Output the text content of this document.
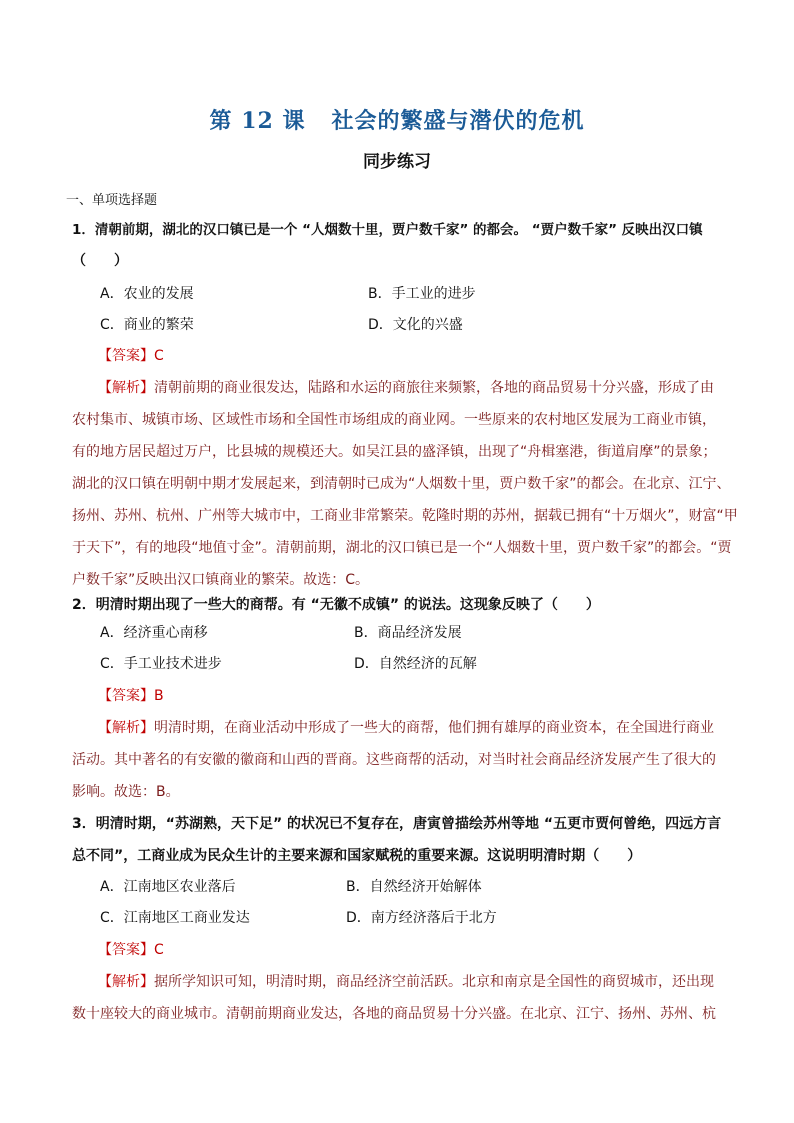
第 12 课   社会的繁盛与潜伏的危机
同步练习
一、单项选择题
1．清朝前期，湖北的汉口镇已是一个 “人烟数十里，贾户数千家” 的都会。 “贾户数千家” 反映出汉口镇
（　　）
A．农业的发展	B．手工业的进步
C．商业的繁荣	D．文化的兴盛
【答案】C
【解析】清朝前期的商业很发达，陆路和水运的商旅往来频繁，各地的商品贸易十分兴盛，形成了由
农村集市、城镇市场、区域性市场和全国性市场组成的商业网。一些原来的农村地区发展为工商业市镇，
有的地方居民超过万户，比县城的规模还大。如吴江县的盛泽镇，出现了“舟楫塞港，街道肩摩”的景象；
湖北的汉口镇在明朝中期才发展起来，到清朝时已成为“人烟数十里，贾户数千家”的都会。在北京、江宁、
扬州、苏州、杭州、广州等大城市中，工商业非常繁荣。乾隆时期的苏州，据载已拥有“十万烟火”，财富“甲
于天下”，有的地段“地值寸金”。清朝前期，湖北的汉口镇已是一个“人烟数十里，贾户数千家”的都会。“贾
户数千家”反映出汉口镇商业的繁荣。故选：C。
2．明清时期出现了一些大的商帮。有 “无徽不成镇” 的说法。这现象反映了（　　）
A．经济重心南移	B．商品经济发展
C．手工业技术进步	D．自然经济的瓦解
【答案】B
【解析】明清时期，在商业活动中形成了一些大的商帮，他们拥有雄厚的商业资本，在全国进行商业
活动。其中著名的有安徽的徽商和山西的晋商。这些商帮的活动，对当时社会商品经济发展产生了很大的
影响。故选：B。
3．明清时期，“苏湖熟，天下足” 的状况已不复存在，唐寅曾描绘苏州等地 “五更市贾何曾绝，四远方言
总不同”，工商业成为民众生计的主要来源和国家赋税的重要来源。这说明明清时期（　　）
A．江南地区农业落后	B．自然经济开始解体
C．江南地区工商业发达	D．南方经济落后于北方
【答案】C
【解析】据所学知识可知，明清时期，商品经济空前活跃。北京和南京是全国性的商贸城市，还出现
数十座较大的商业城市。清朝前期商业发达，各地的商品贸易十分兴盛。在北京、江宁、扬州、苏州、杭
